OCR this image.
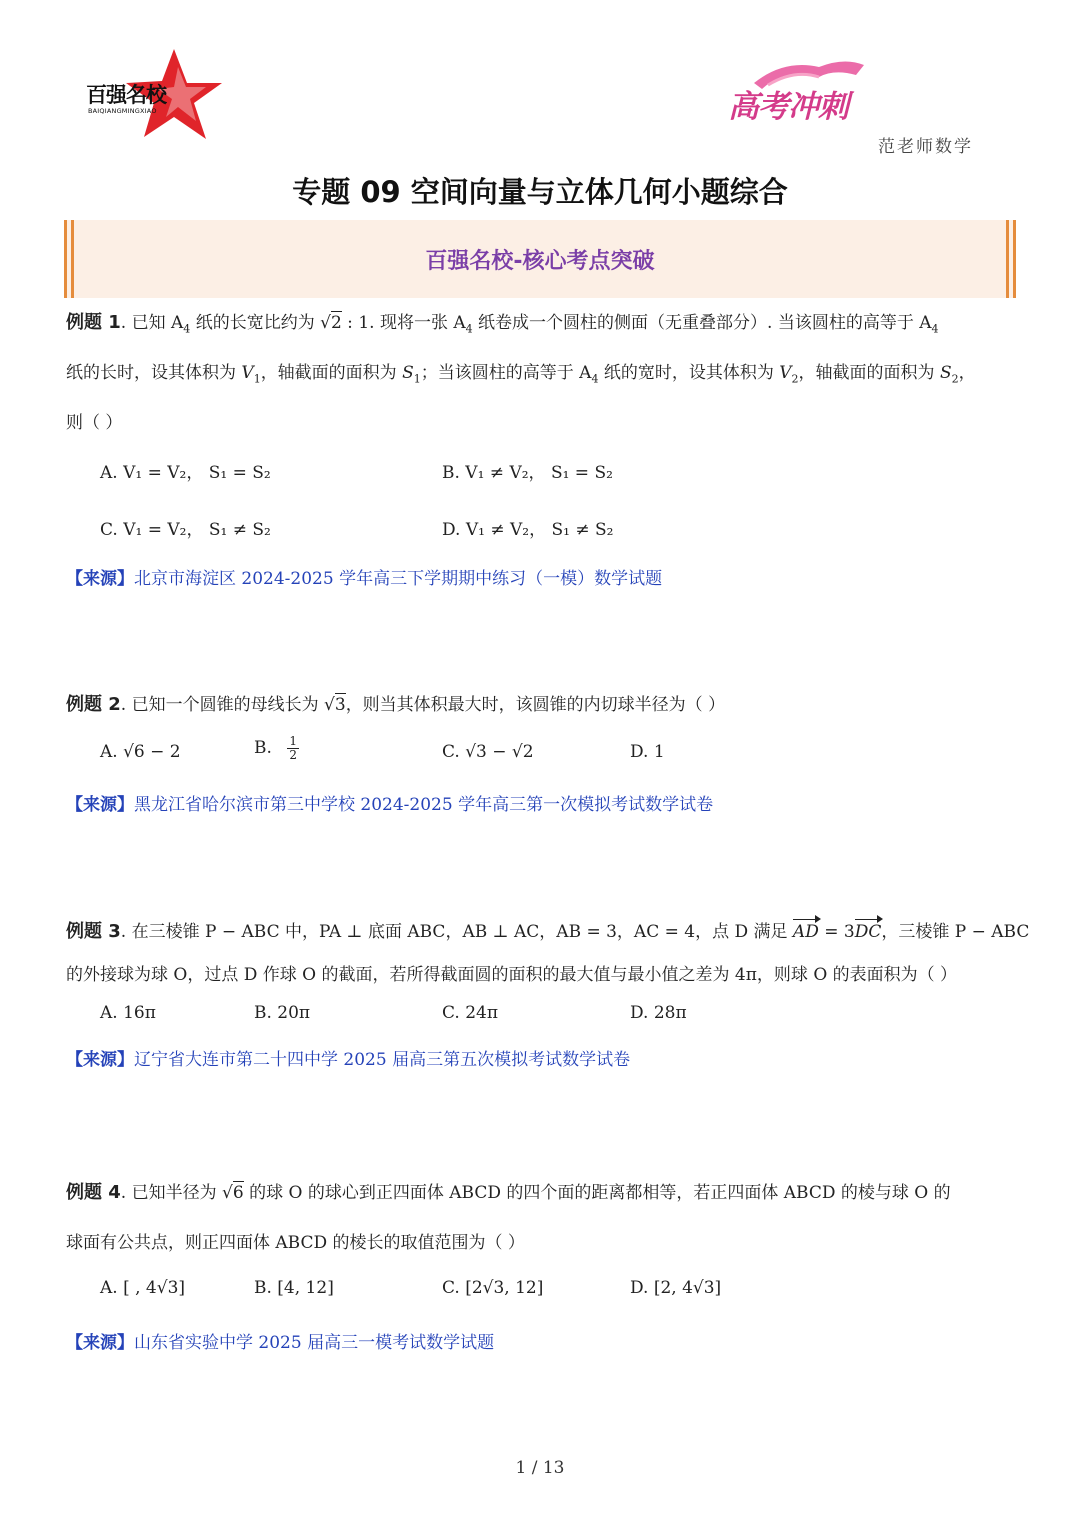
百强名校
BAIQIANGMINGXIAO	高考冲刺
范老师数学
专题 09 空间向量与立体几何小题综合
百强名校-核心考点突破
例题 1. 已知 $A_4$ 纸的长宽比约为 √2 : 1. 现将一张 $A_4$ 纸卷成一个圆柱的侧面（无重叠部分）. 当该圆柱的高等于 $A_4$
纸的长时，设其体积为 $V_1$，轴截面的面积为 $S_1$；当该圆柱的高等于 $A_4$ 纸的宽时，设其体积为 $V_2$，轴截面的面积为 $S_2$，
则（ ）
A. V₁ = V₂， S₁ = S₂	B. V₁ ≠ V₂， S₁ = S₂
C. V₁ = V₂， S₁ ≠ S₂	D. V₁ ≠ V₂， S₁ ≠ S₂
【来源】北京市海淀区 2024-2025 学年高三下学期期中练习（一模）数学试题
例题 2. 已知一个圆锥的母线长为 √3，则当其体积最大时，该圆锥的内切球半径为（ ）
A. √6 − 2	B. $\frac{1}{2}$	C. √3 − √2	D. 1
【来源】黑龙江省哈尔滨市第三中学校 2024-2025 学年高三第一次模拟考试数学试卷
例题 3. 在三棱锥 P − ABC 中，PA ⊥ 底面 ABC，AB ⊥ AC，AB = 3，AC = 4，点 D 满足 AD = 3DC，三棱锥 P − ABC
的外接球为球 O，过点 D 作球 O 的截面，若所得截面圆的面积的最大值与最小值之差为 4π，则球 O 的表面积为（ ）
A. 16π	B. 20π	C. 24π	D. 28π
【来源】辽宁省大连市第二十四中学 2025 届高三第五次模拟考试数学试卷
例题 4. 已知半径为 √6 的球 O 的球心到正四面体 ABCD 的四个面的距离都相等，若正四面体 ABCD 的棱与球 O 的
球面有公共点，则正四面体 ABCD 的棱长的取值范围为（ ）
A. [ , 4√3]	B. [4, 12]	C. [2√3, 12]	D. [2, 4√3]
【来源】山东省实验中学 2025 届高三一模考试数学试题
1 / 13
